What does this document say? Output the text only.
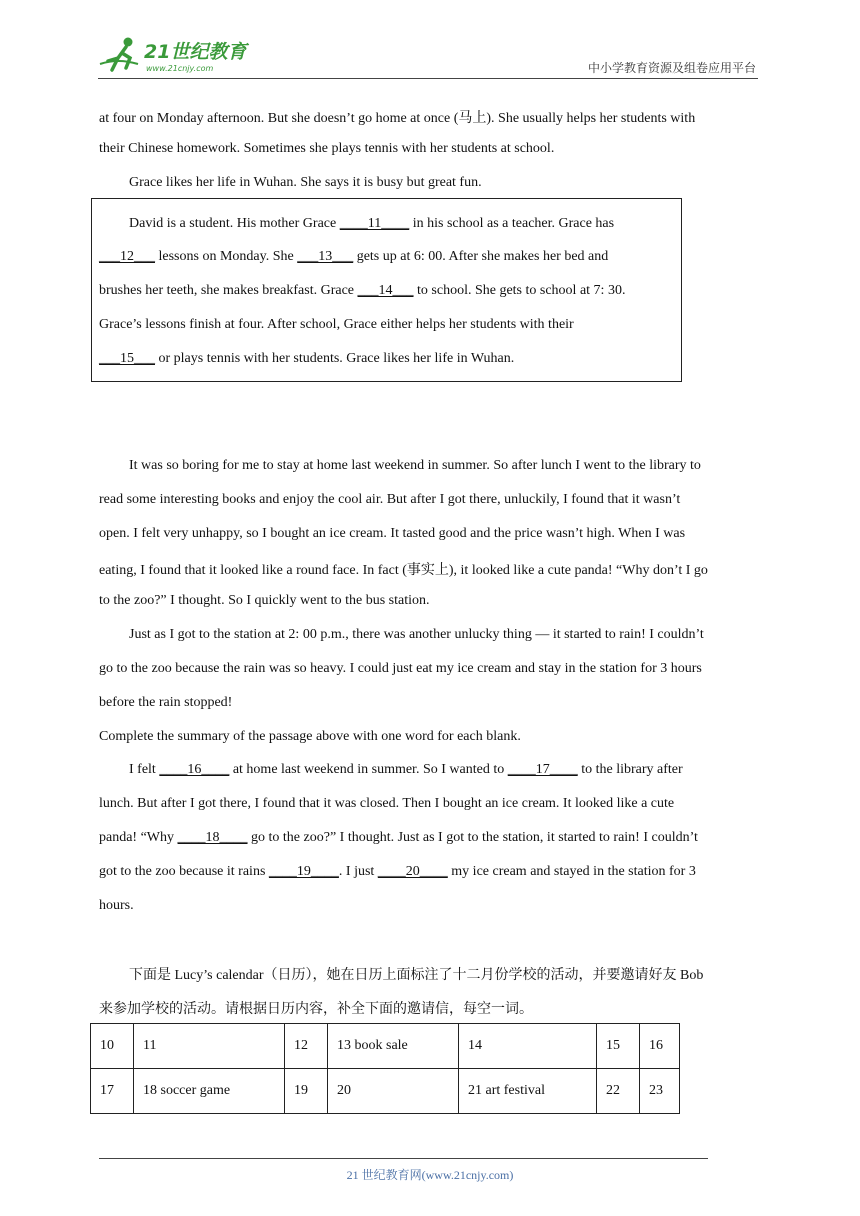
21世纪教育
www.21cnjy.com	中小学教育资源及组卷应用平台
at four on Monday afternoon. But she doesn’t go home at once (马上). She usually helps her students with
their Chinese homework. Sometimes she plays tennis with her students at school.
Grace likes her life in Wuhan. She says it is busy but great fun.
David is a student. His mother Grace ____11____ in his school as a teacher. Grace has
___12___ lessons on Monday. She ___13___ gets up at 6: 00. After she makes her bed and
brushes her teeth, she makes breakfast. Grace ___14___ to school. She gets to school at 7: 30.
Grace’s lessons finish at four. After school, Grace either helps her students with their
___15___ or plays tennis with her students. Grace likes her life in Wuhan.
It was so boring for me to stay at home last weekend in summer. So after lunch I went to the library to
read some interesting books and enjoy the cool air. But after I got there, unluckily, I found that it wasn’t
open. I felt very unhappy, so I bought an ice cream. It tasted good and the price wasn’t high. When I was
eating, I found that it looked like a round face. In fact (事实上), it looked like a cute panda! “Why don’t I go
to the zoo?” I thought. So I quickly went to the bus station.
Just as I got to the station at 2: 00 p.m., there was another unlucky thing — it started to rain! I couldn’t
go to the zoo because the rain was so heavy. I could just eat my ice cream and stay in the station for 3 hours
before the rain stopped!
Complete the summary of the passage above with one word for each blank.
I felt ____16____ at home last weekend in summer. So I wanted to ____17____ to the library after
lunch. But after I got there, I found that it was closed. Then I bought an ice cream. It looked like a cute
panda! “Why ____18____ go to the zoo?” I thought. Just as I got to the station, it started to rain! I couldn’t
got to the zoo because it rains ____19____. I just ____20____ my ice cream and stayed in the station for 3
hours.
下面是 Lucy’s calendar（日历），她在日历上面标注了十二月份学校的活动，并要邀请好友 Bob
来参加学校的活动。请根据日历内容，补全下面的邀请信，每空一词。
10	11	12	13 book sale	14	15	16
17	18 soccer game	19	20	21 art festival	22	23
21 世纪教育网(www.21cnjy.com)
